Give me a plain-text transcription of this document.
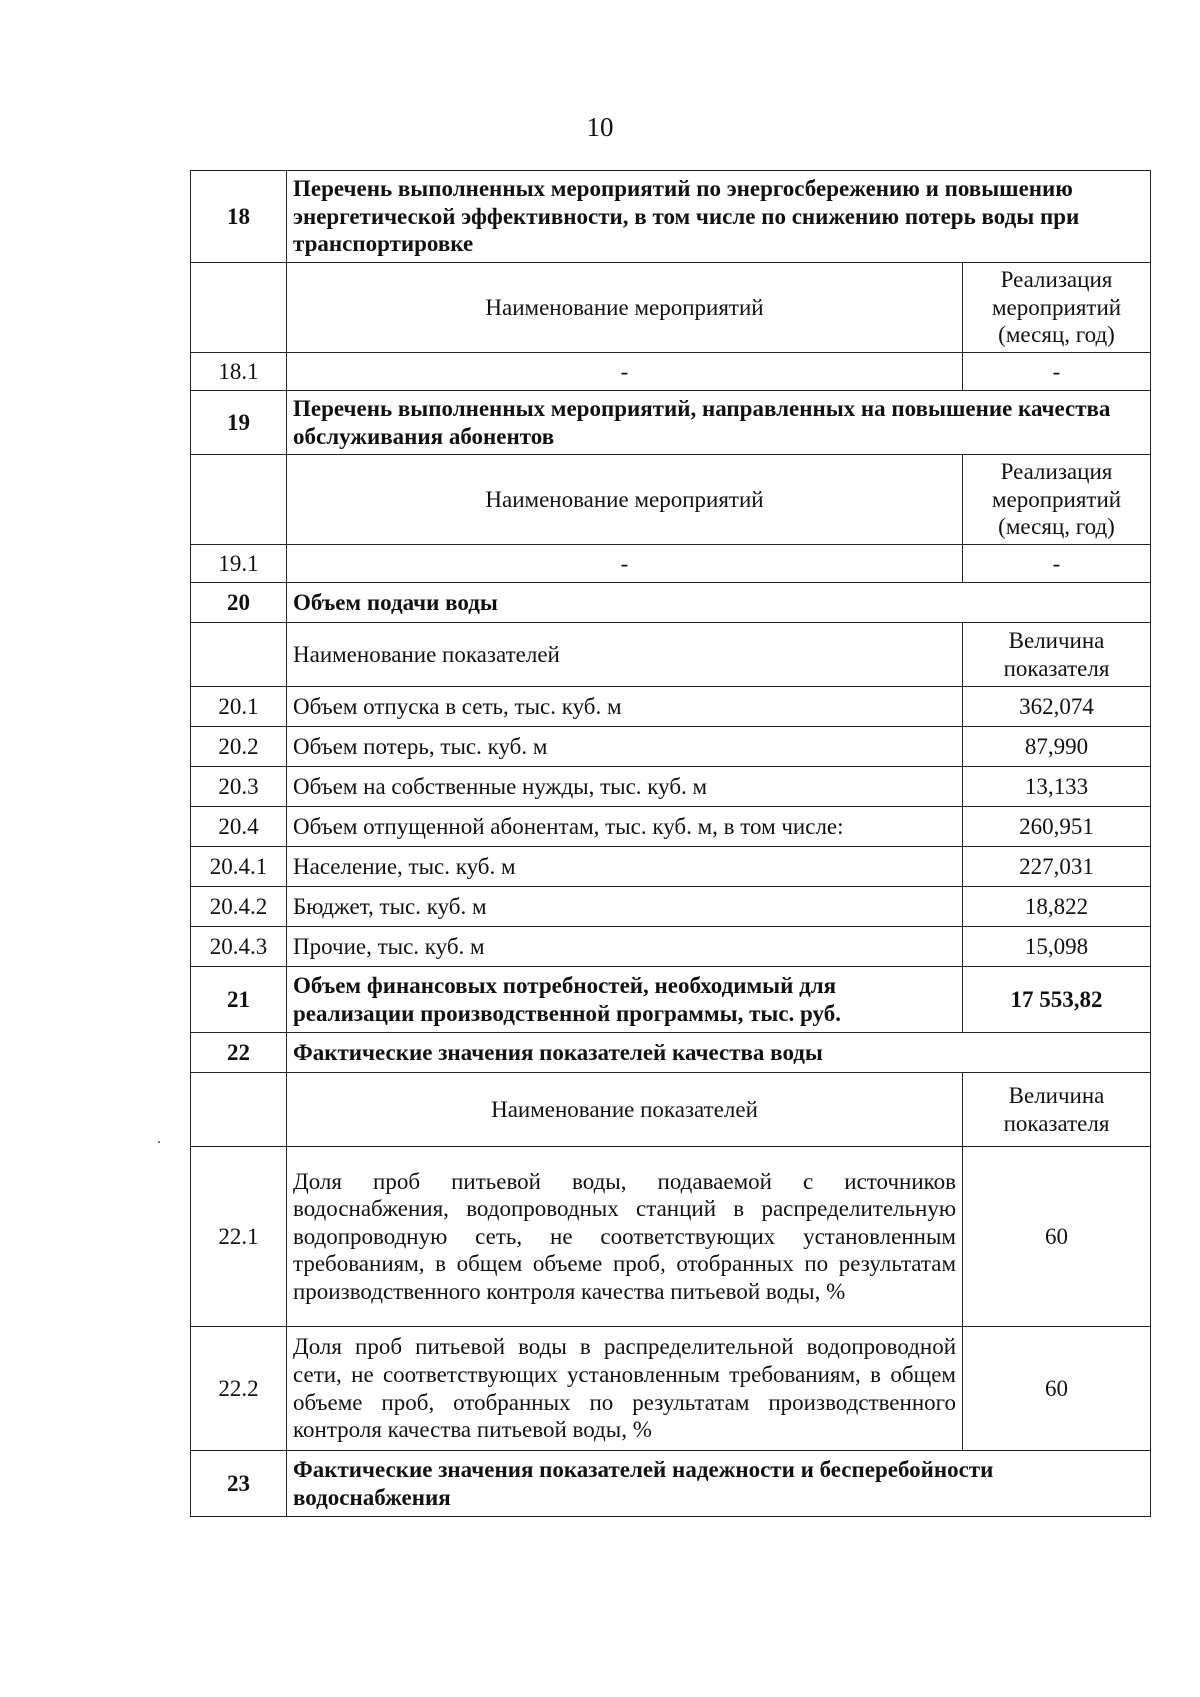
10
18	Перечень выполненных мероприятий по энергосбережению и повышению энергетической эффективности, в том числе по снижению потерь воды при транспортировке	
	Наименование мероприятий	Реализация мероприятий (месяц, год)
18.1	-	-
19	Перечень выполненных мероприятий, направленных на повышение качества обслуживания абонентов	
	Наименование мероприятий	Реализация мероприятий (месяц, год)
19.1	-	-
20	Объем подачи воды	
	Наименование показателей	Величина показателя
20.1	Объем отпуска в сеть, тыс. куб. м	362,074
20.2	Объем потерь, тыс. куб. м	87,990
20.3	Объем на собственные нужды, тыс. куб. м	13,133
20.4	Объем отпущенной абонентам, тыс. куб. м, в том числе:	260,951
20.4.1	Население, тыс. куб. м	227,031
20.4.2	Бюджет, тыс. куб. м	18,822
20.4.3	Прочие, тыс. куб. м	15,098
21	Объем финансовых потребностей, необходимый для реализации производственной программы, тыс. руб.	17 553,82
22	Фактические значения показателей качества воды	
	Наименование показателей	Величина показателя
22.1	Доля проб питьевой воды, подаваемой с источников водоснабжения, водопроводных станций в распределительную водопроводную сеть, не соответствующих установленным требованиям, в общем объеме проб, отобранных по результатам производственного контроля качества питьевой воды, %	60
22.2	Доля проб питьевой воды в распределительной водопроводной сети, не соответствующих установленным требованиям, в общем объеме проб, отобранных по результатам производственного контроля качества питьевой воды, %	60
23	Фактические значения показателей надежности и бесперебойности водоснабжения	
